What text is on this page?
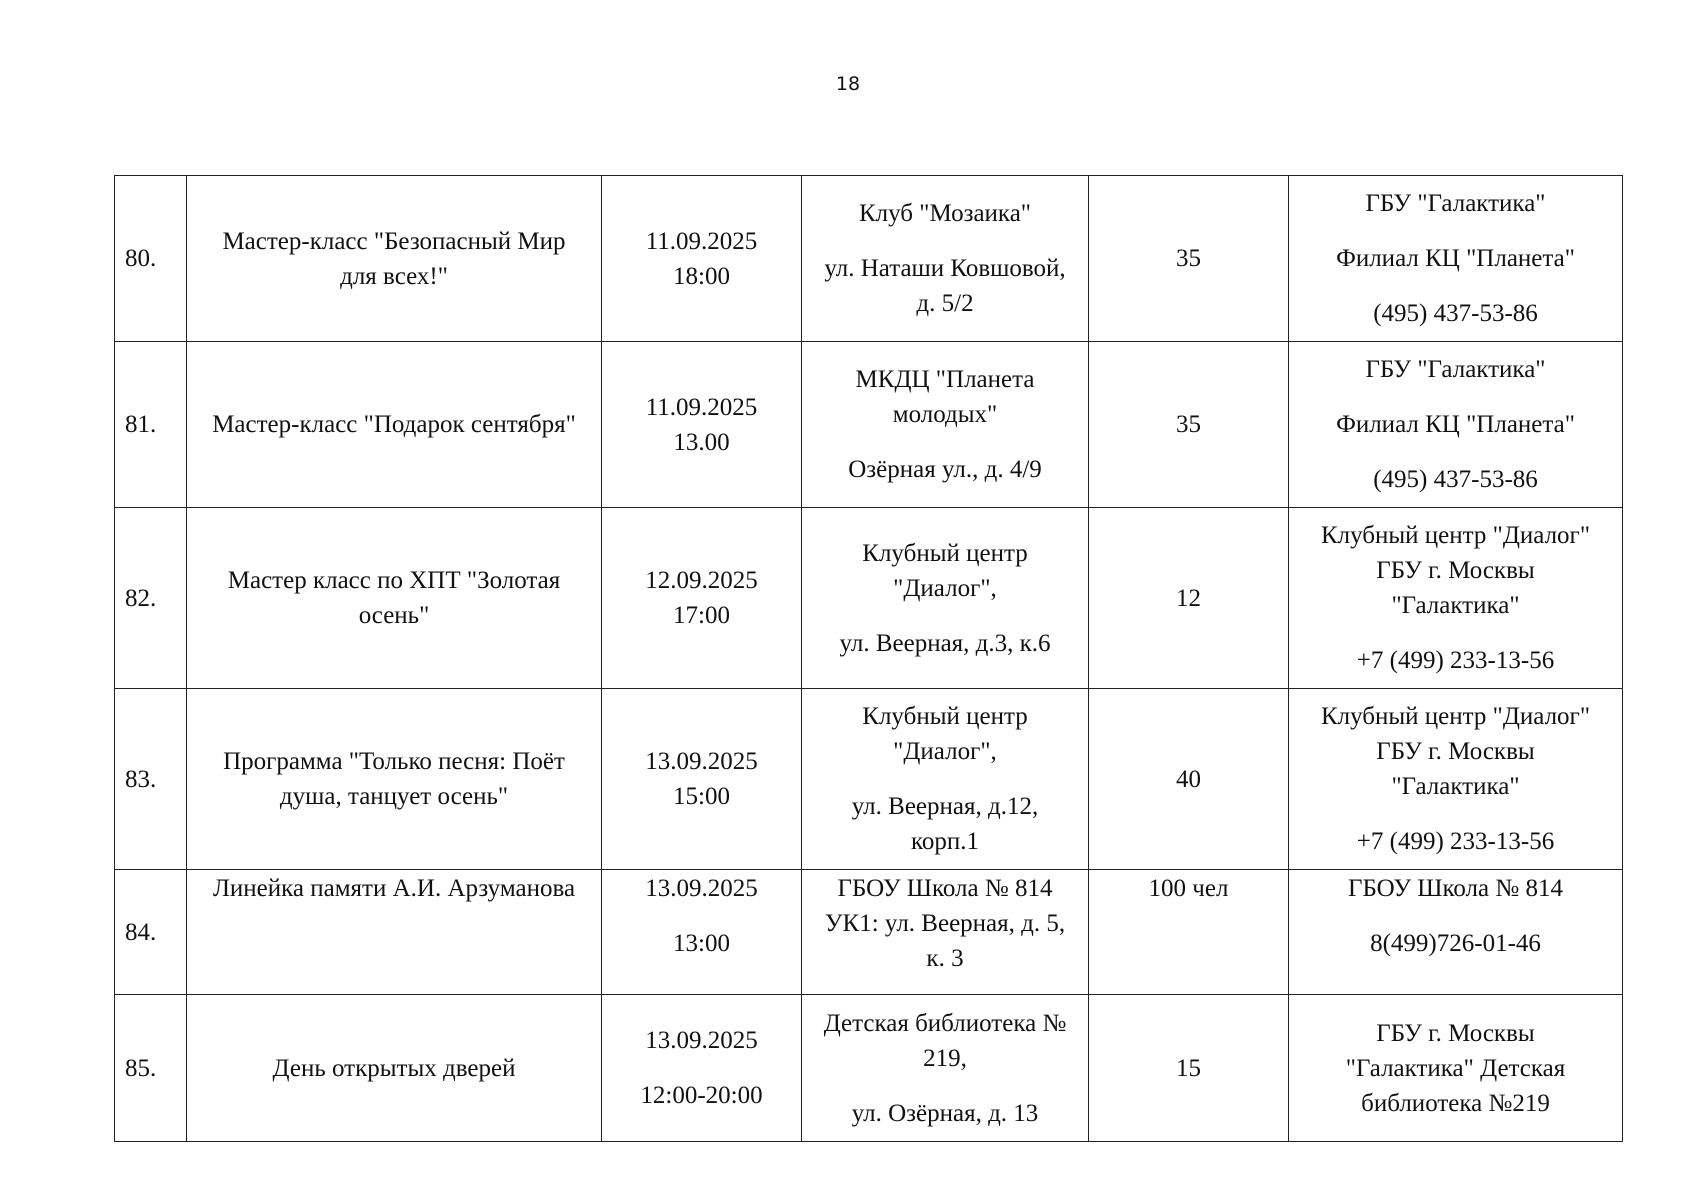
18
80.	Мастер-класс "Безопасный Мир
для всех!"	11.09.2025
18:00	Клуб "Мозаика"
ул. Наташи Ковшовой,
д. 5/2	35	ГБУ "Галактика"
Филиал КЦ "Планета"
(495) 437-53-86

81.	Мастер-класс "Подарок сентября"	11.09.2025
13.00	МКДЦ "Планета
молодых"
Озёрная ул., д. 4/9	35	ГБУ "Галактика"
Филиал КЦ "Планета"
(495) 437-53-86

82.	Мастер класс по ХПТ "Золотая
осень"	12.09.2025
17:00	Клубный центр
"Диалог",
ул. Веерная, д.3, к.6	12	Клубный центр "Диалог"
ГБУ г. Москвы
"Галактика"
+7 (499) 233-13-56

83.	Программа "Только песня: Поёт
душа, танцует осень"	13.09.2025
15:00	Клубный центр
"Диалог",
ул. Веерная, д.12,
корп.1	40	Клубный центр "Диалог"
ГБУ г. Москвы
"Галактика"
+7 (499) 233-13-56

84.	Линейка памяти А.И. Арзуманова	13.09.2025
13:00	ГБОУ Школа № 814
УК1: ул. Веерная, д. 5,
к. 3	100 чел	ГБОУ Школа № 814
8(499)726-01-46

85.	День открытых дверей	13.09.2025
12:00-20:00	Детская библиотека №
219,
ул. Озёрная, д. 13	15	ГБУ г. Москвы
"Галактика" Детская
библиотека №219
